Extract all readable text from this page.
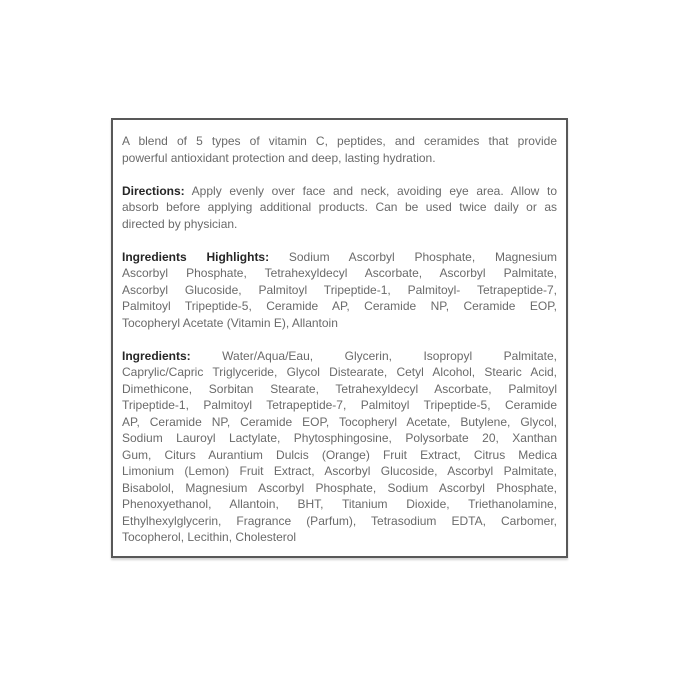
A blend of 5 types of vitamin C, peptides, and ceramides that provide
powerful antioxidant protection and deep, lasting hydration.
Directions: Apply evenly over face and neck, avoiding eye area. Allow to
absorb before applying additional products. Can be used twice daily or as
directed by physician.
Ingredients Highlights: Sodium Ascorbyl Phosphate, Magnesium
Ascorbyl Phosphate, Tetrahexyldecyl Ascorbate, Ascorbyl Palmitate,
Ascorbyl Glucoside, Palmitoyl Tripeptide-1, Palmitoyl- Tetrapeptide-7,
Palmitoyl Tripeptide-5, Ceramide AP, Ceramide NP, Ceramide EOP,
Tocopheryl Acetate (Vitamin E), Allantoin
Ingredients: Water/Aqua/Eau, Glycerin, Isopropyl Palmitate,
Caprylic/Capric Triglyceride, Glycol Distearate, Cetyl Alcohol, Stearic Acid,
Dimethicone, Sorbitan Stearate, Tetrahexyldecyl Ascorbate, Palmitoyl
Tripeptide-1, Palmitoyl Tetrapeptide-7, Palmitoyl Tripeptide-5, Ceramide
AP, Ceramide NP, Ceramide EOP, Tocopheryl Acetate, Butylene, Glycol,
Sodium Lauroyl Lactylate, Phytosphingosine, Polysorbate 20, Xanthan
Gum, Citurs Aurantium Dulcis (Orange) Fruit Extract, Citrus Medica
Limonium (Lemon) Fruit Extract, Ascorbyl Glucoside, Ascorbyl Palmitate,
Bisabolol, Magnesium Ascorbyl Phosphate, Sodium Ascorbyl Phosphate,
Phenoxyethanol, Allantoin, BHT, Titanium Dioxide, Triethanolamine,
Ethylhexylglycerin, Fragrance (Parfum), Tetrasodium EDTA, Carbomer,
Tocopherol, Lecithin, Cholesterol
